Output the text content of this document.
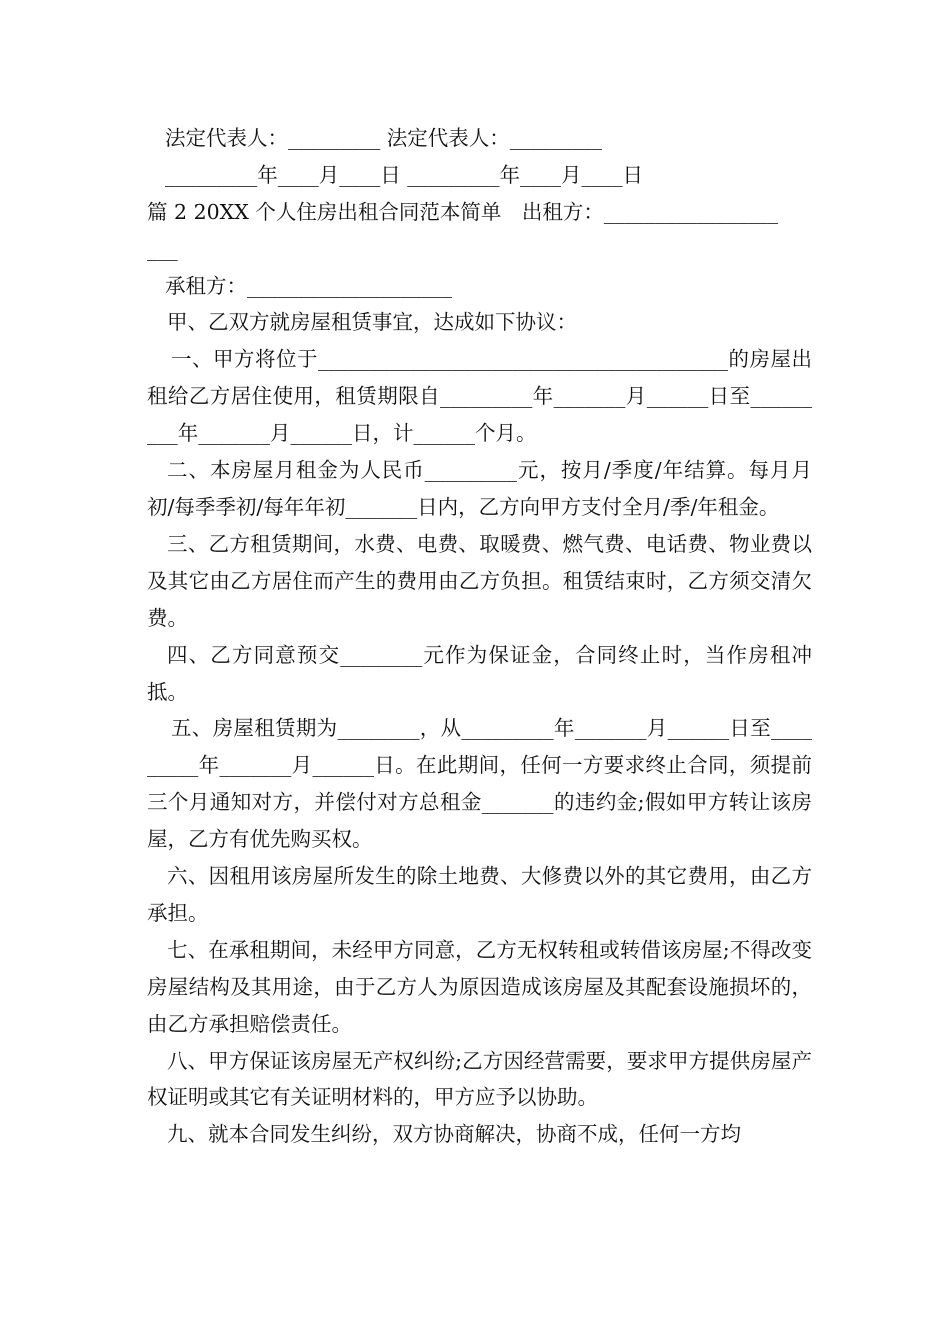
法定代表人：_________ 法定代表人：_________
_________年____月____日 _________年____月____日
篇 2 20XX 个人住房出租合同范本简单　出租方：_________________
___
承租方：____________________
甲、乙双方就房屋租赁事宜，达成如下协议：
一、甲方将位于________________________________________的房屋出租给乙方居住使用，租赁期限自_________年_______月______日至_________年_______月______日，计______个月。
二、本房屋月租金为人民币_________元，按月/季度/年结算。每月月初/每季季初/每年年初_______日内，乙方向甲方支付全月/季/年租金。
三、乙方租赁期间，水费、电费、取暖费、燃气费、电话费、物业费以及其它由乙方居住而产生的费用由乙方负担。租赁结束时，乙方须交清欠费。
四、乙方同意预交________元作为保证金，合同终止时，当作房租冲抵。
五、房屋租赁期为________，从_________年_______月______日至_________年_______月______日。在此期间，任何一方要求终止合同，须提前三个月通知对方，并偿付对方总租金_______的违约金;假如甲方转让该房屋，乙方有优先购买权。
六、因租用该房屋所发生的除土地费、大修费以外的其它费用，由乙方承担。
七、在承租期间，未经甲方同意，乙方无权转租或转借该房屋;不得改变房屋结构及其用途，由于乙方人为原因造成该房屋及其配套设施损坏的，由乙方承担赔偿责任。
八、甲方保证该房屋无产权纠纷;乙方因经营需要，要求甲方提供房屋产权证明或其它有关证明材料的，甲方应予以协助。
九、就本合同发生纠纷，双方协商解决，协商不成，任何一方均
